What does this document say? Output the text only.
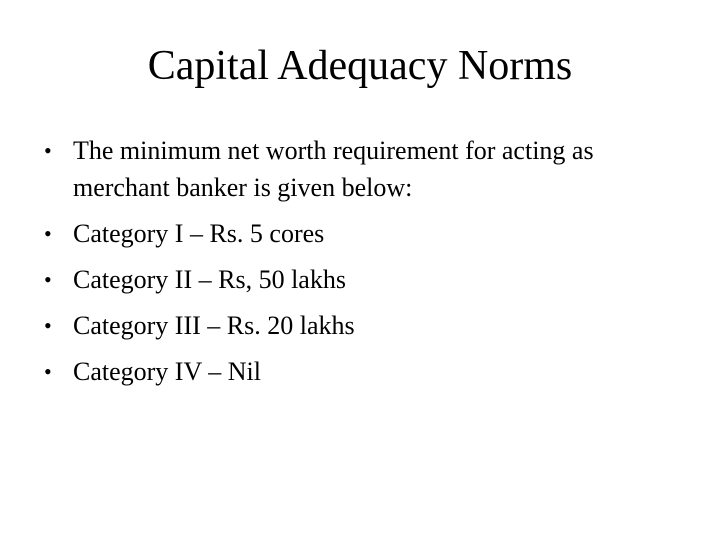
Capital Adequacy Norms
• The minimum net worth requirement for acting as merchant banker is given below:
• Category I – Rs. 5 cores
• Category II – Rs, 50 lakhs
• Category III – Rs. 20 lakhs
• Category IV – Nil
